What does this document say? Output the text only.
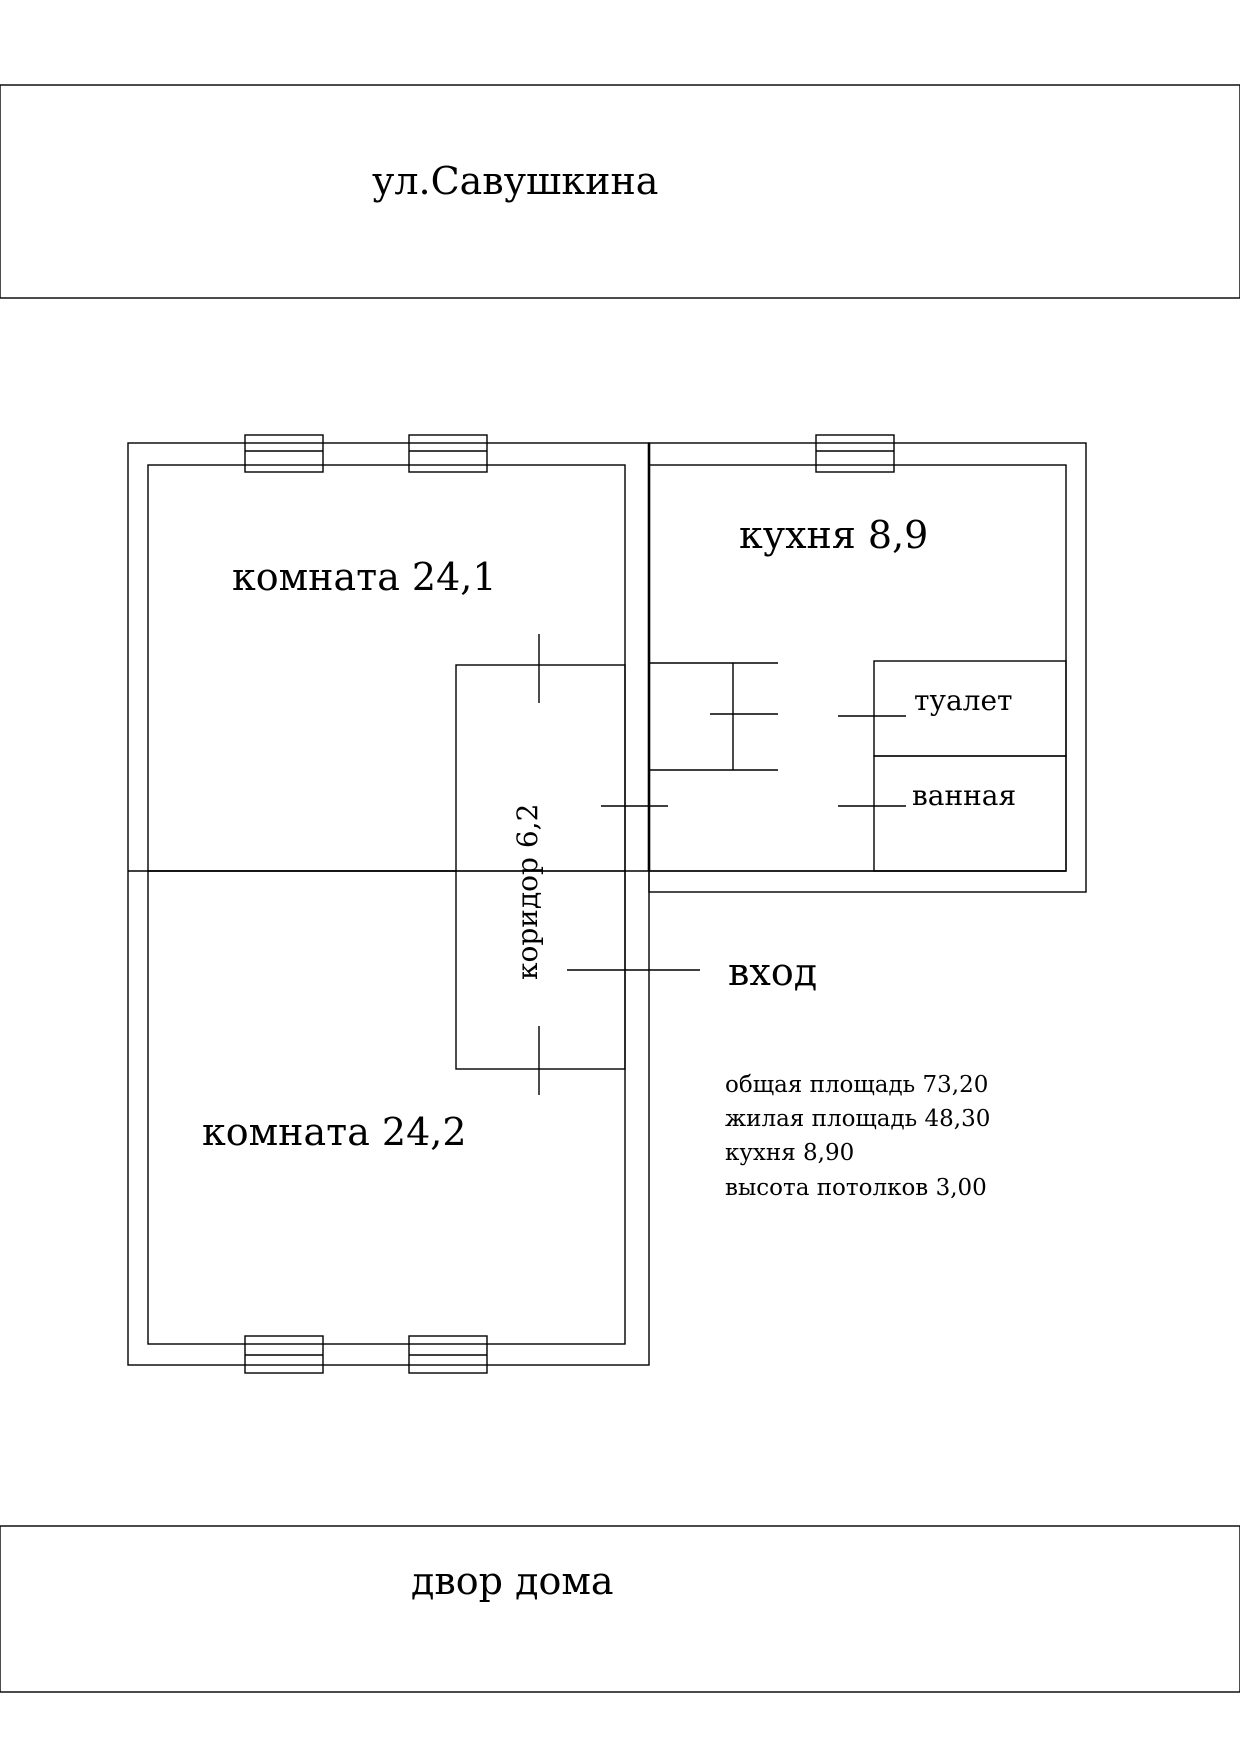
ул.Савушкина
комната 24,1
комната 24,2
кухня 8,9
коридор 6,2
туалет
ванная
вход
общая площадь 73,20
жилая площадь 48,30
кухня 8,90
высота потолков 3,00
двор дома
